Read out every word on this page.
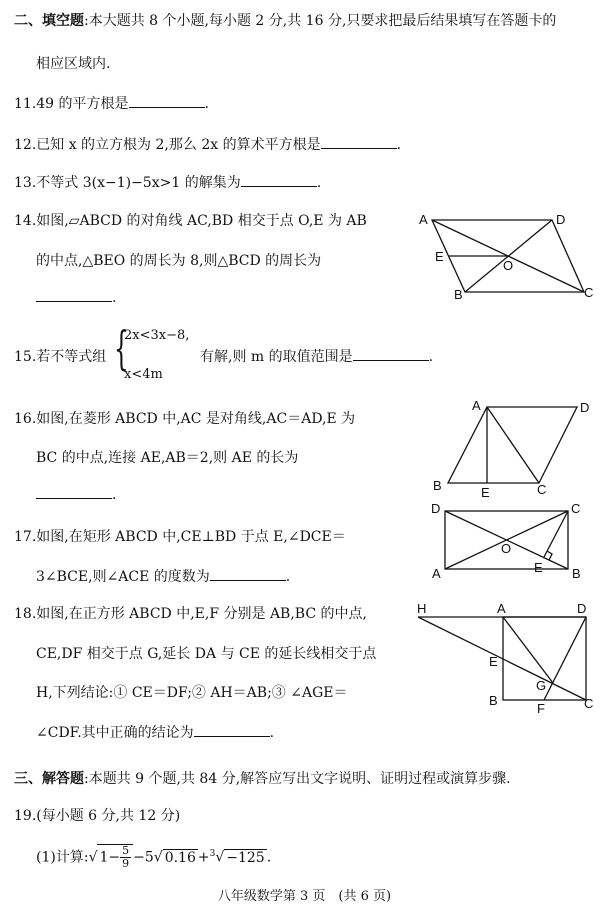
二、填空题:本大题共 8 个小题,每小题 2 分,共 16 分,只要求把最后结果填写在答题卡的
相应区域内.
11.49 的平方根是	.
12.已知 x 的立方根为 2,那么 2x 的算术平方根是	.
13.不等式 3(x−1)−5x>1 的解集为	.
14.如图,▱ABCD 的对角线 AC,BD 相交于点 O,E 为 AB
的中点,△BEO 的周长为 8,则△BCD 的周长为
.
A	D
E
O
B	C
15.若不等式组 {
2x<3x−8,
x<4m
有解,则 m 的取值范围是	.
16.如图,在菱形 ABCD 中,AC 是对角线,AC＝AD,E 为
BC 的中点,连接 AE,AB＝2,则 AE 的长为
.
A	D
B	E	C
17.如图,在矩形 ABCD 中,CE⊥BD 于点 E,∠DCE＝
3∠BCE,则∠ACE 的度数为	.
D	C
O
E
A	B
18.如图,在正方形 ABCD 中,E,F 分别是 AB,BC 的中点,
CE,DF 相交于点 G,延长 DA 与 CE 的延长线相交于点
H,下列结论:① CE＝DF;② AH＝AB;③ ∠AGE＝
∠CDF.其中正确的结论为	.
H	A	D
E
G
B
F	C
三、解答题:本题共 9 个题,共 84 分,解答应写出文字说明、证明过程或演算步骤.
19.(每小题 6 分,共 12 分)
(1)计算:√ $1- \frac{5}{9} -5√$ 0.16 +$^3$√ −125 .
八年级数学第 3 页　(共 6 页)
